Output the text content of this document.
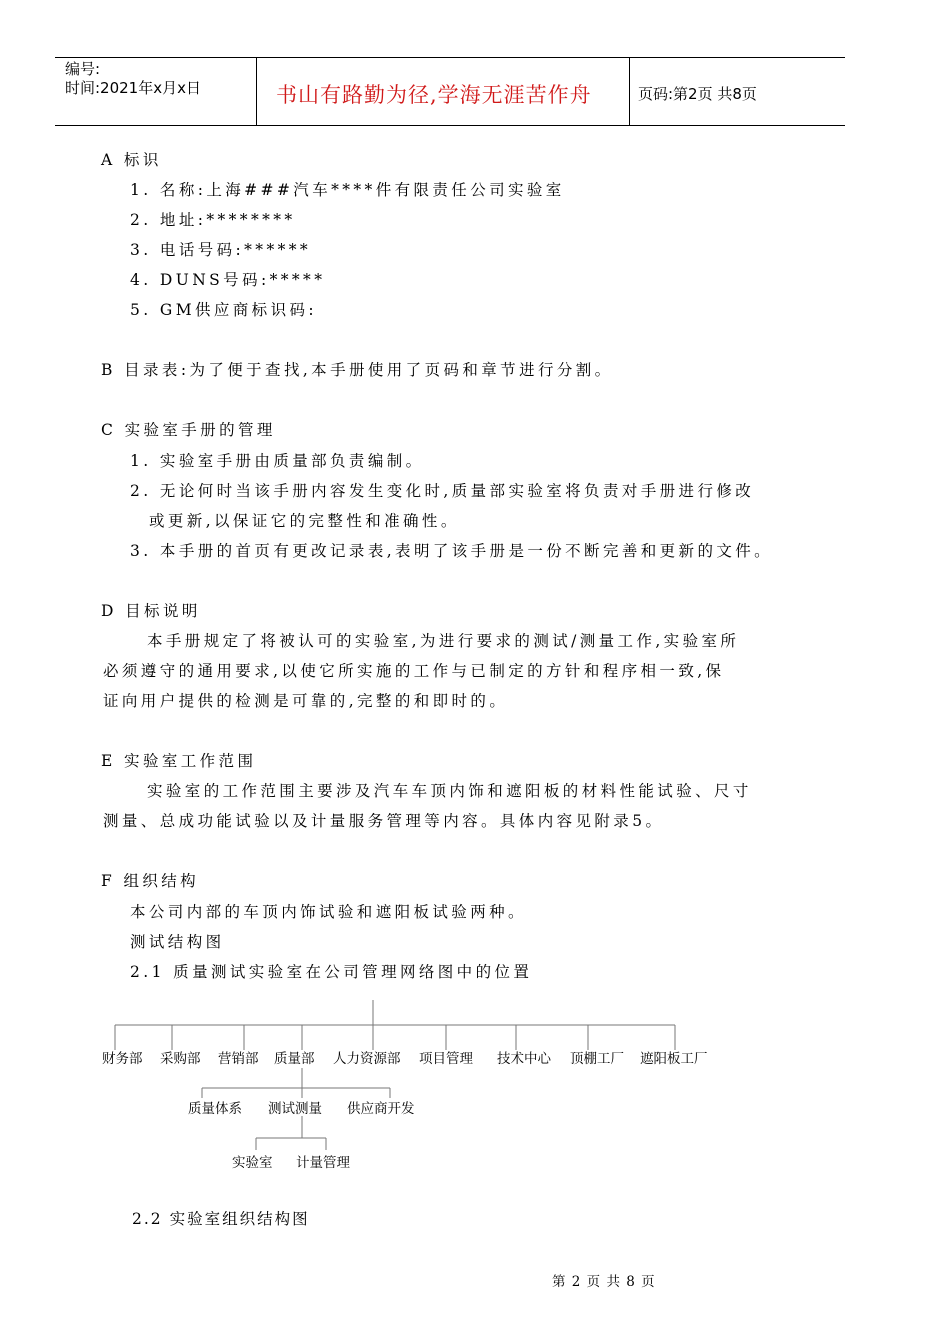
编号:
时间:2021年x月x日	书山有路勤为径,学海无涯苦作舟	页码:第2页 共8页
A 标识
1. 名称:上海###汽车****件有限责任公司实验室
2. 地址:********
3. 电话号码:******
4. DUNS号码:*****
5. GM供应商标识码:
B 目录表:为了便于查找,本手册使用了页码和章节进行分割。
C 实验室手册的管理
1. 实验室手册由质量部负责编制。
2. 无论何时当该手册内容发生变化时,质量部实验室将负责对手册进行修改
或更新,以保证它的完整性和准确性。
3. 本手册的首页有更改记录表,表明了该手册是一份不断完善和更新的文件。
D 目标说明
本手册规定了将被认可的实验室,为进行要求的测试/测量工作,实验室所
必须遵守的通用要求,以使它所实施的工作与已制定的方针和程序相一致,保
证向用户提供的检测是可靠的,完整的和即时的。
E 实验室工作范围
实验室的工作范围主要涉及汽车车顶内饰和遮阳板的材料性能试验、尺寸
测量、总成功能试验以及计量服务管理等内容。具体内容见附录5。
F 组织结构
本公司内部的车顶内饰试验和遮阳板试验两种。
测试结构图
2.1 质量测试实验室在公司管理网络图中的位置
财务部 采购部 营销部 质量部 人力资源部 项目管理 技术中心 顶棚工厂 遮阳板工厂
质量体系 测试测量 供应商开发
实验室 计量管理
2.2 实验室组织结构图
第 2 页 共 8 页
